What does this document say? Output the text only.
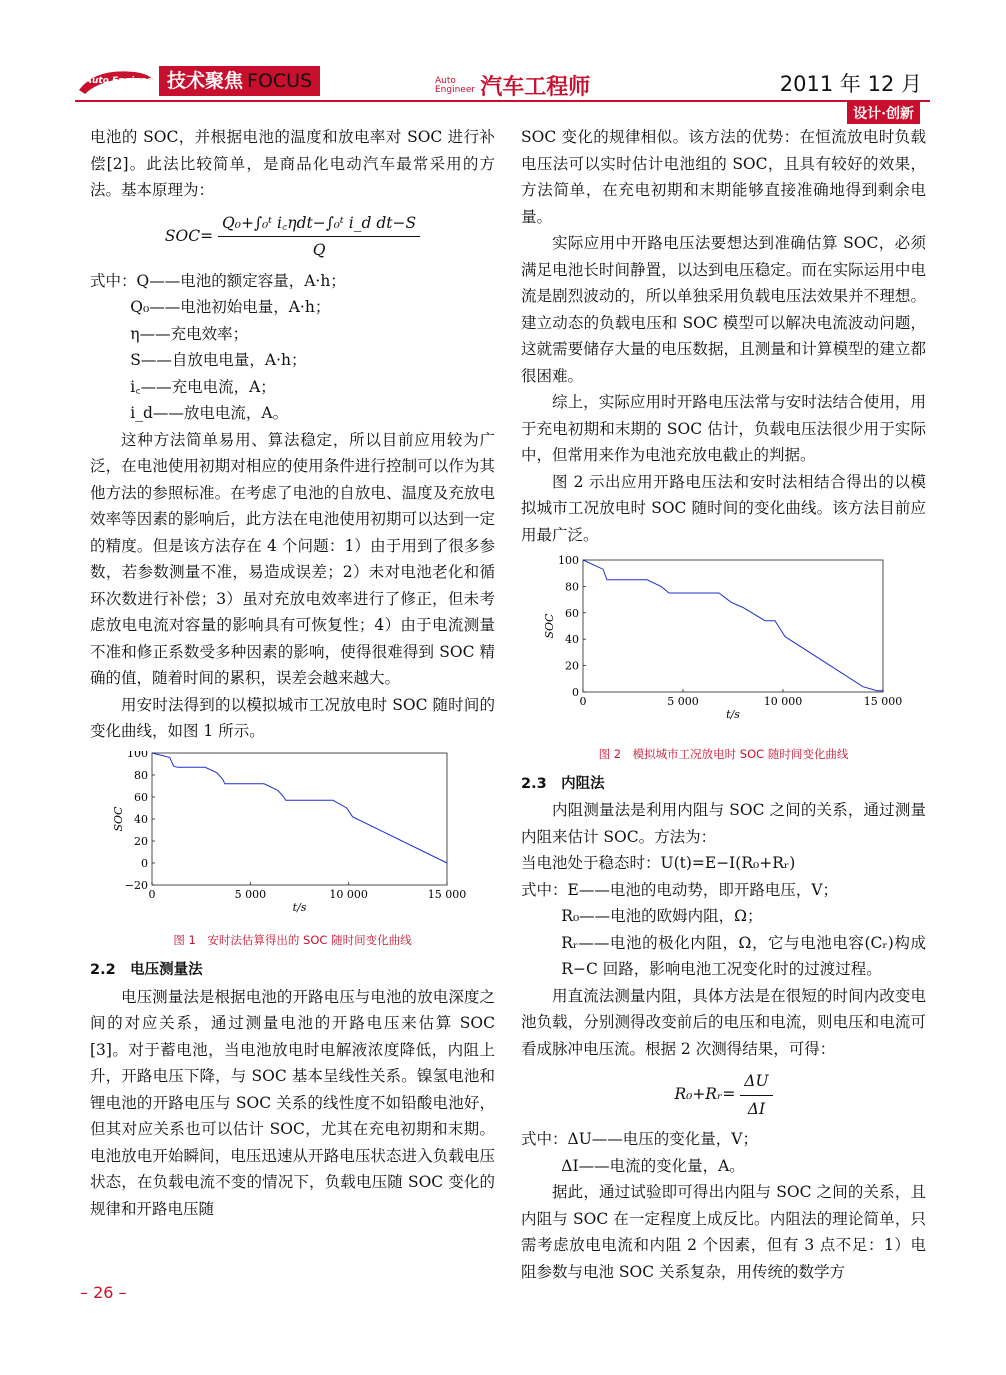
Auto Engineer 技术聚焦 FOCUS	Auto
Engineer 汽车工程师	2011 年 12 月
设计·创新

电池的 SOC，并根据电池的温度和放电率对 SOC 进行补偿[2]。此法比较简单，是商品化电动汽车最常采用的方法。基本原理为：

$SOC= \frac{\text{Q₀+∫₀ᵗ i꜀ηdt−∫₀ᵗ i\_d dt−S}}{Q}$

式中：Q——电池的额定容量，A·h；

Q₀——电池初始电量，A·h；

η——充电效率；

S——自放电电量，A·h；

i꜀——充电电流，A；

i_d——放电电流，A。

这种方法简单易用、算法稳定，所以目前应用较为广泛，在电池使用初期对相应的使用条件进行控制可以作为其他方法的参照标准。在考虑了电池的自放电、温度及充放电效率等因素的影响后，此方法在电池使用初期可以达到一定的精度。但是该方法存在 4 个问题：1）由于用到了很多参数，若参数测量不准，易造成误差；2）未对电池老化和循环次数进行补偿；3）虽对充放电效率进行了修正，但未考虑放电电流对容量的影响具有可恢复性；4）由于电流测量不准和修正系数受多种因素的影响，使得很难得到 SOC 精确的值，随着时间的累积，误差会越来越大。

用安时法得到的以模拟城市工况放电时 SOC 随时间的变化曲线，如图 1 所示。

0	5 000	10 000	15 000
−20
0
20
40
60
80
100
t/s
SOC
图 1　安时法估算得出的 SOC 随时间变化曲线

2.2　电压测量法

电压测量法是根据电池的开路电压与电池的放电深度之间的对应关系，通过测量电池的开路电压来估算 SOC [3]。对于蓄电池，当电池放电时电解液浓度降低，内阻上升，开路电压下降，与 SOC 基本呈线性关系。镍氢电池和锂电池的开路电压与 SOC 关系的线性度不如铅酸电池好，但其对应关系也可以估计 SOC，尤其在充电初期和末期。电池放电开始瞬间，电压迅速从开路电压状态进入负载电压状态，在负载电流不变的情况下，负载电压随 SOC 变化的规律和开路电压随

SOC 变化的规律相似。该方法的优势：在恒流放电时负载电压法可以实时估计电池组的 SOC，且具有较好的效果，方法简单，在充电初期和末期能够直接准确地得到剩余电量。

实际应用中开路电压法要想达到准确估算 SOC，必须满足电池长时间静置，以达到电压稳定。而在实际运用中电流是剧烈波动的，所以单独采用负载电压法效果并不理想。建立动态的负载电压和 SOC 模型可以解决电流波动问题，这就需要储存大量的电压数据，且测量和计算模型的建立都很困难。

综上，实际应用时开路电压法常与安时法结合使用，用于充电初期和末期的 SOC 估计，负载电压法很少用于实际中，但常用来作为电池充放电截止的判据。

图 2 示出应用开路电压法和安时法相结合得出的以模拟城市工况放电时 SOC 随时间的变化曲线。该方法目前应用最广泛。

0	5 000	10 000	15 000
0
20
40
60
80
100
t/s
SOC
图 2　模拟城市工况放电时 SOC 随时间变化曲线

2.3　内阻法

内阻测量法是利用内阻与 SOC 之间的关系，通过测量内阻来估计 SOC。方法为：

当电池处于稳态时：U(t)=E−I(R₀+Rᵣ)

式中：E——电池的电动势，即开路电压，V；

R₀——电池的欧姆内阻，Ω；

Rᵣ——电池的极化内阻，Ω，它与电池电容(Cᵣ)构成 R−C 回路，影响电池工况变化时的过渡过程。

用直流法测量内阻，具体方法是在很短的时间内改变电池负载，分别测得改变前后的电压和电流，则电压和电流可看成脉冲电压流。根据 2 次测得结果，可得：

R₀+Rᵣ= $\frac{\Delta U}{\Delta I}$

式中：ΔU——电压的变化量，V；

ΔI——电流的变化量，A。

据此，通过试验即可得出内阻与 SOC 之间的关系，且内阻与 SOC 在一定程度上成反比。内阻法的理论简单，只需考虑放电电流和内阻 2 个因素，但有 3 点不足：1）电阻参数与电池 SOC 关系复杂，用传统的数学方

– 26 –
